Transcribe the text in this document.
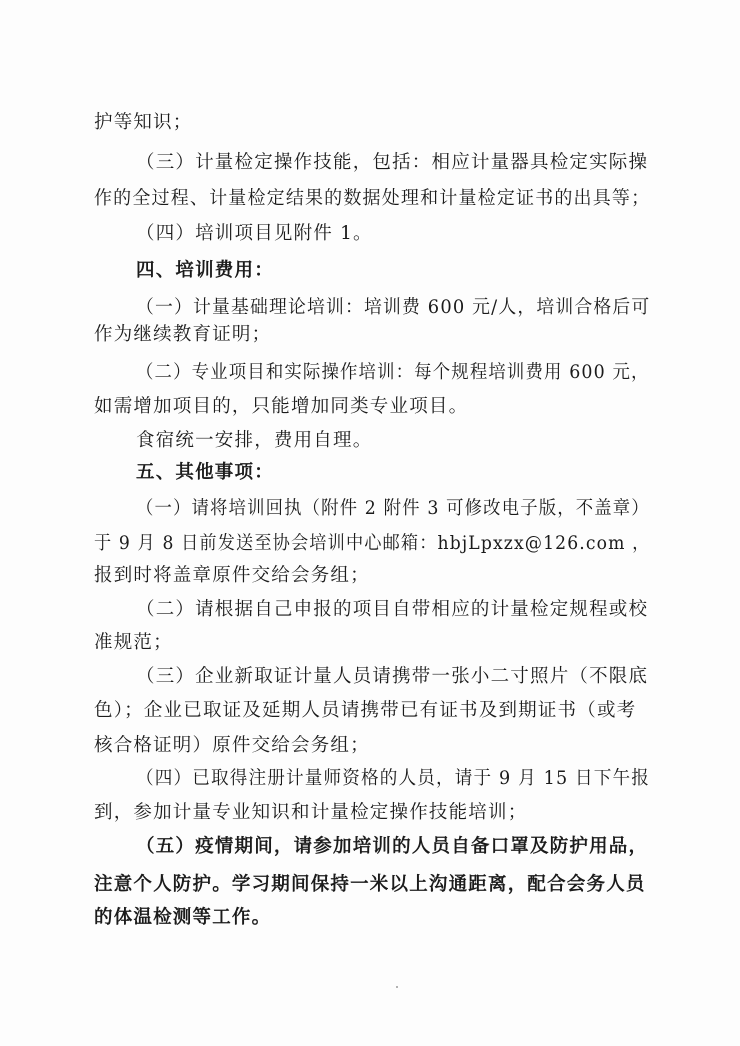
护等知识；
（三）计量检定操作技能，包括：相应计量器具检定实际操
作的全过程、计量检定结果的数据处理和计量检定证书的出具等；
（四）培训项目见附件 1。
四、培训费用：
（一）计量基础理论培训：培训费 600 元/人，培训合格后可
作为继续教育证明；
（二）专业项目和实际操作培训：每个规程培训费用 600 元，
如需增加项目的，只能增加同类专业项目。
食宿统一安排，费用自理。
五、其他事项：
（一）请将培训回执（附件 2 附件 3 可修改电子版，不盖章）
于 9 月 8 日前发送至协会培训中心邮箱：hbjLpxzx@126.com ，
报到时将盖章原件交给会务组；
（二）请根据自己申报的项目自带相应的计量检定规程或校
准规范；
（三）企业新取证计量人员请携带一张小二寸照片（不限底
色）；企业已取证及延期人员请携带已有证书及到期证书（或考
核合格证明）原件交给会务组；
（四）已取得注册计量师资格的人员，请于 9 月 15 日下午报
到，参加计量专业知识和计量检定操作技能培训；
（五）疫情期间，请参加培训的人员自备口罩及防护用品，
注意个人防护。学习期间保持一米以上沟通距离，配合会务人员
的体温检测等工作。
